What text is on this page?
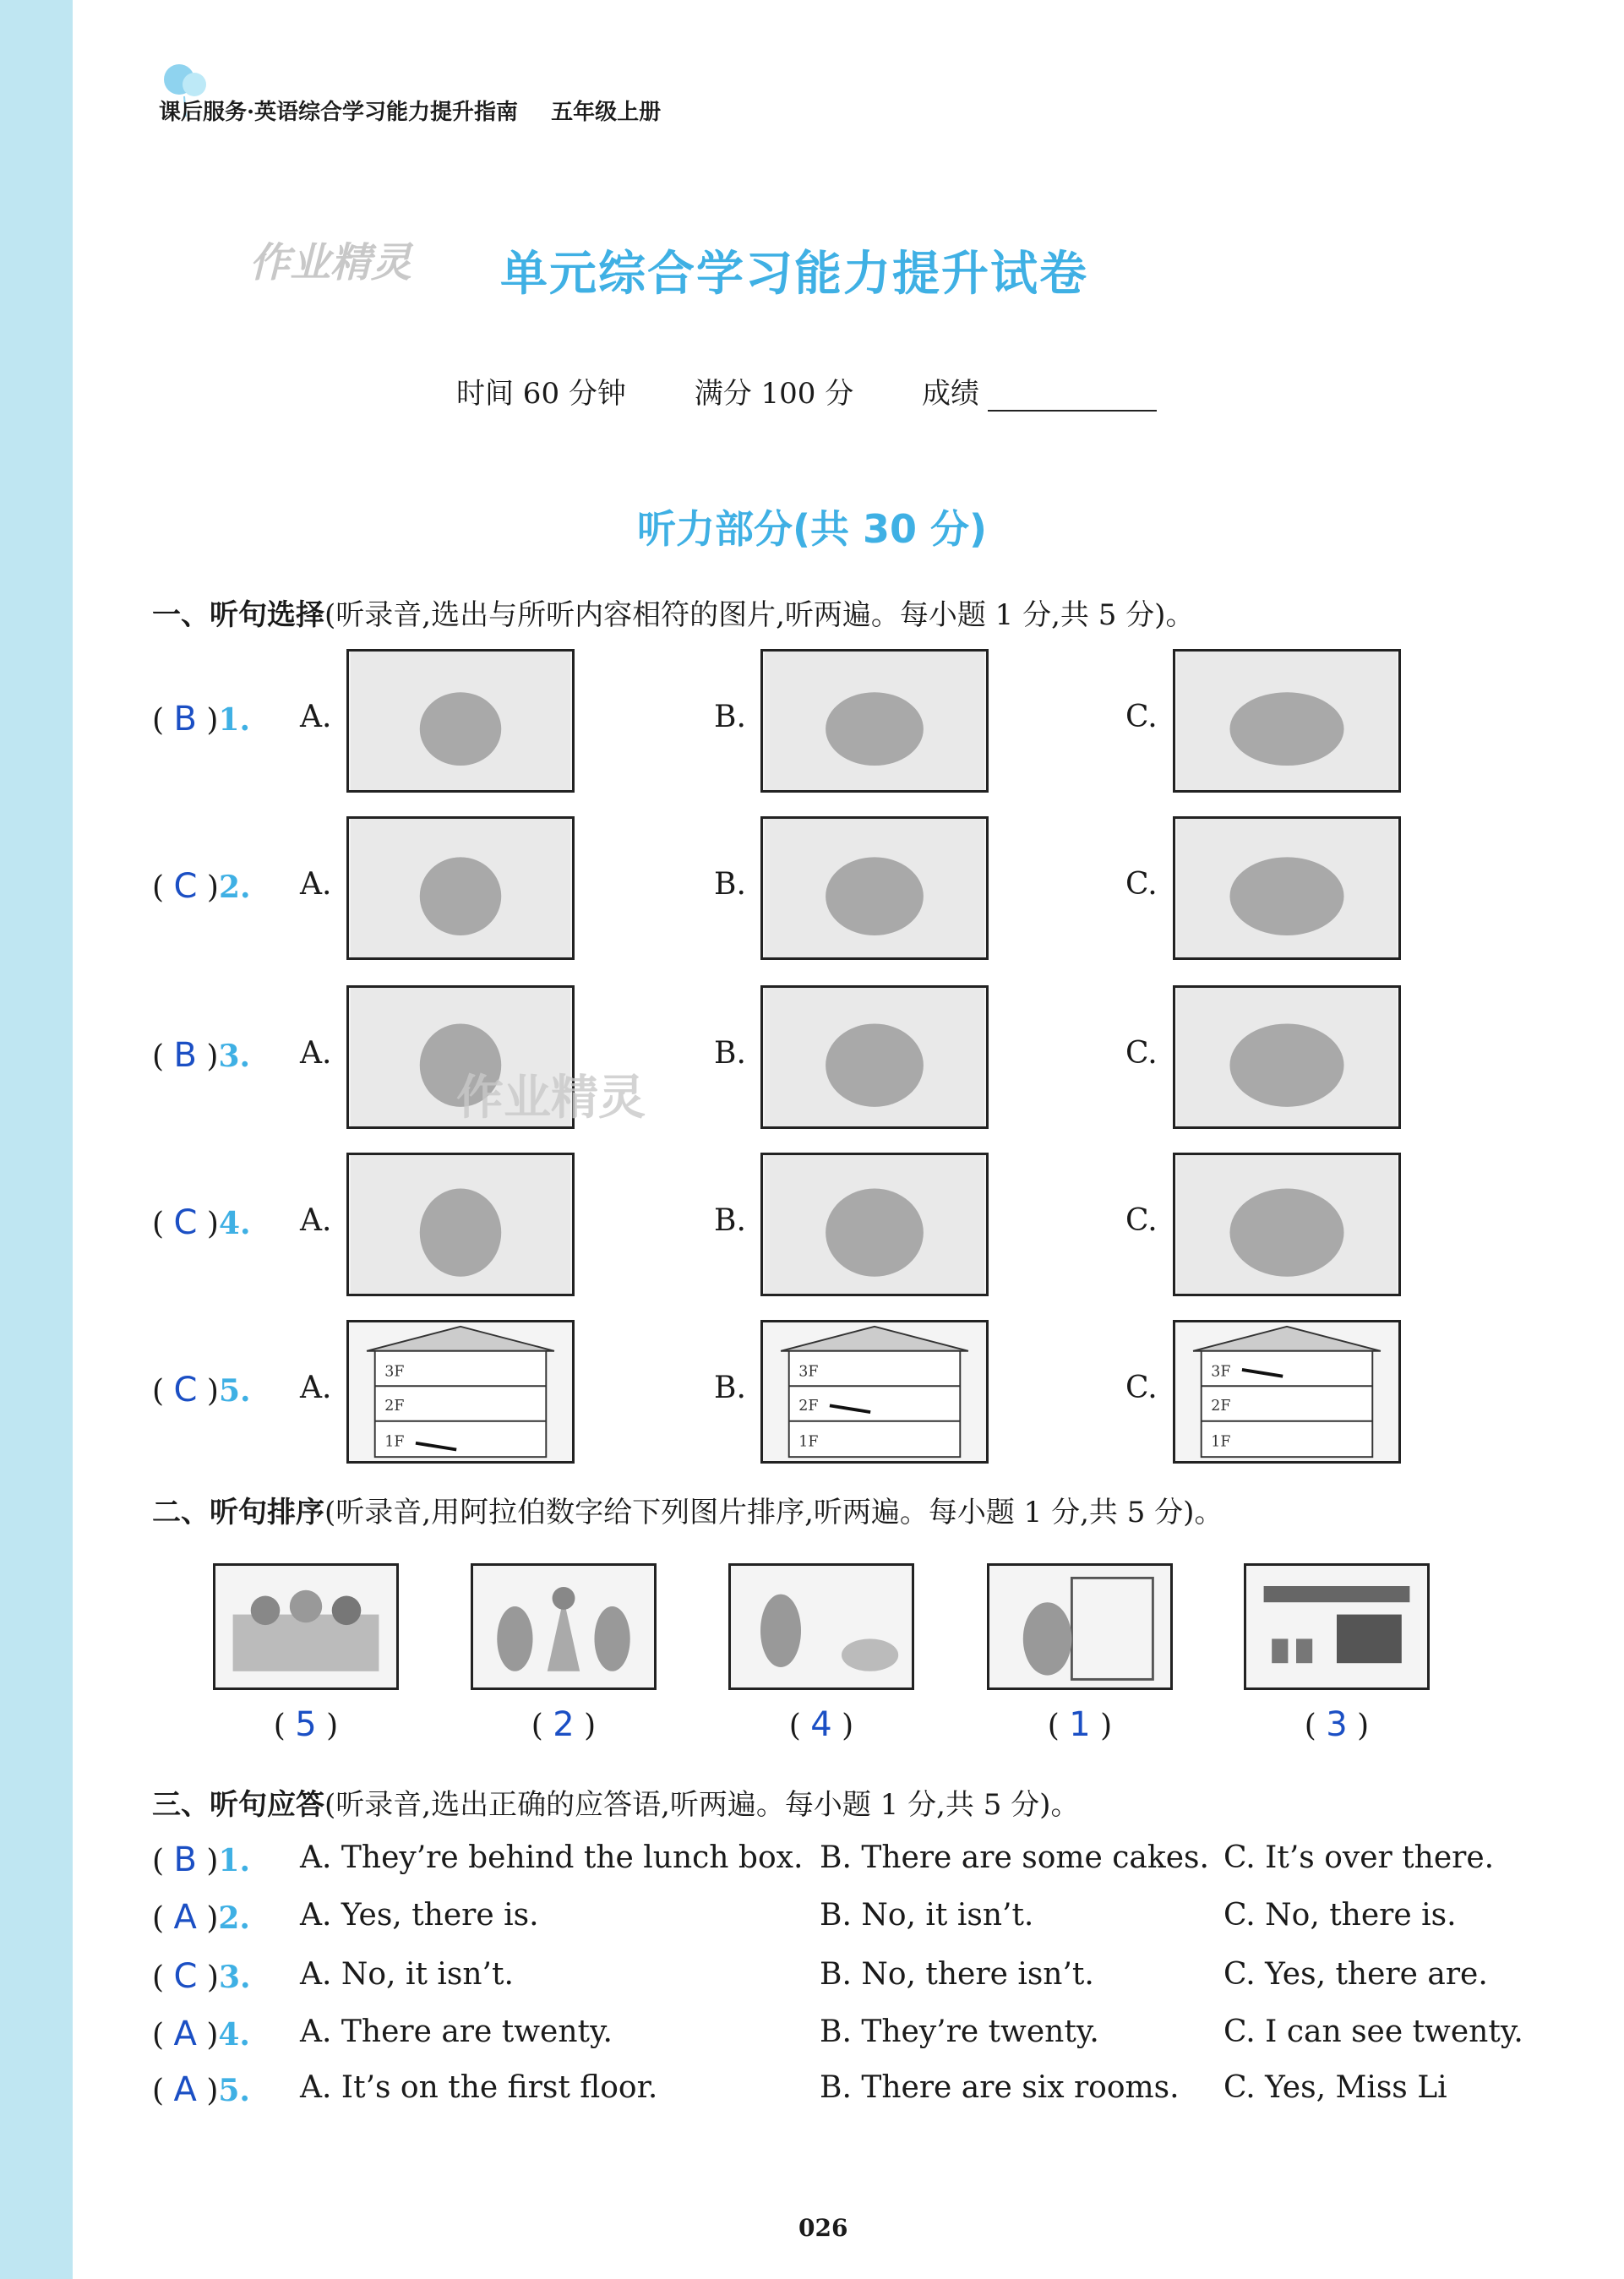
课后服务·英语综合学习能力提升指南 五年级上册
作业精灵 单元综合学习能力提升试卷
时间 60 分钟 满分 100 分 成绩
听力部分(共 30 分)
一、听句选择(听录音,选出与所听内容相符的图片,听两遍。每小题 1 分,共 5 分)。
( B )1. A.	B.	C.
( C )2. A.	B.	C.
( B )3. A.	B.	C.
( C )4. A.	B.	C.
( C )5. A.	3F
2F
1F
B.	3F
2F
1F
C.	3F
2F
1F
二、听句排序(听录音,用阿拉伯数字给下列图片排序,听两遍。每小题 1 分,共 5 分)。
( 5 )	( 2 )	( 4 )	( 1 )	( 3 )
三、听句应答(听录音,选出正确的应答语,听两遍。每小题 1 分,共 5 分)。
( B )1. A. They’re behind the lunch box. B. There are some cakes. C. It’s over there.
( A )2. A. Yes, there is.	B. No, it isn’t.	C. No, there is.
( C )3. A. No, it isn’t.	B. No, there isn’t.	C. Yes, there are.
( A )4. A. There are twenty.	B. They’re twenty.	C. I can see twenty.
( A )5. A. It’s on the first floor.	B. There are six rooms. C. Yes, Miss Li
作业精灵
026
